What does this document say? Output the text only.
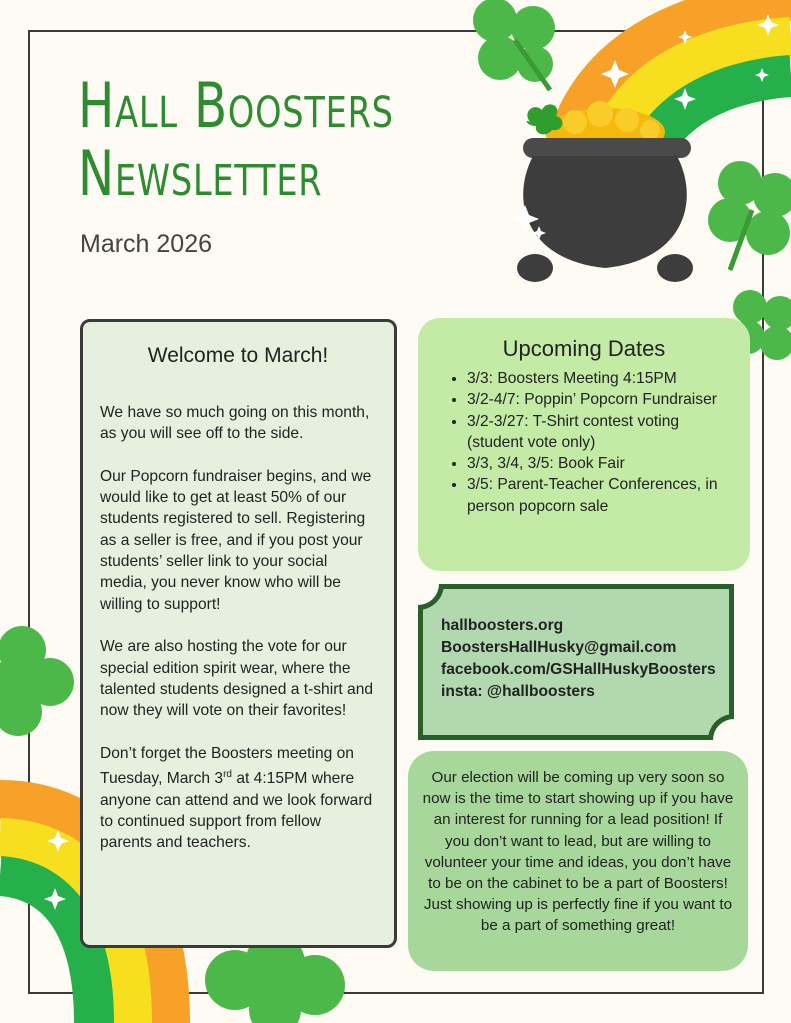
Hall Boosters
Newsletter
March 2026
Welcome to March!

We have so much going on this month, as you will see off to the side.

Our Popcorn fundraiser begins, and we would like to get at least 50% of our students registered to sell. Registering as a seller is free, and if you post your students’ seller link to your social media, you never know who will be willing to support!

We are also hosting the vote for our special edition spirit wear, where the talented students designed a t-shirt and now they will vote on their favorites!

Don’t forget the Boosters meeting on Tuesday, March 3rd at 4:15PM where anyone can attend and we look forward to continued support from fellow parents and teachers.

Upcoming Dates
• 3/3: Boosters Meeting 4:15PM
• 3/2-4/7: Poppin’ Popcorn Fundraiser
• 3/2-3/27: T-Shirt contest voting (student vote only)
• 3/3, 3/4, 3/5: Book Fair
• 3/5: Parent-Teacher Conferences, in person popcorn sale
hallboosters.org
BoostersHallHusky@gmail.com
facebook.com/GSHallHuskyBoosters
insta: @hallboosters

Our election will be coming up very soon so now is the time to start showing up if you have an interest for running for a lead position! If you don’t want to lead, but are willing to volunteer your time and ideas, you don’t have to be on the cabinet to be a part of Boosters! Just showing up is perfectly fine if you want to be a part of something great!
